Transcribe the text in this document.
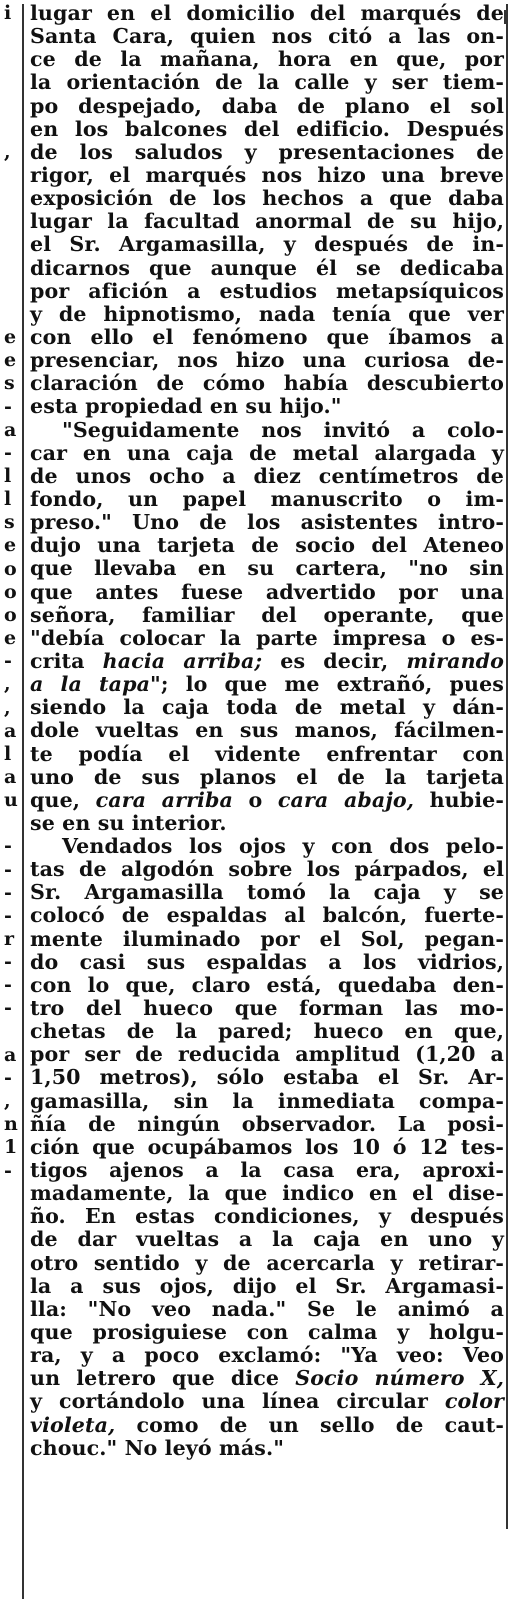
i
,
e
e
s
-
a
-
l
l
s
e
o
o
o
e
-
,
,
a
l
a
u
-
-
-
-
r
-
-
-
a
-
,
n
1
-
lugar en el domicilio del marqués de
Santa Cara, quien nos citó a las on-
ce de la mañana, hora en que, por
la orientación de la calle y ser tiem-
po despejado, daba de plano el sol
en los balcones del edificio. Después
de los saludos y presentaciones de
rigor, el marqués nos hizo una breve
exposición de los hechos a que daba
lugar la facultad anormal de su hijo,
el Sr. Argamasilla, y después de in-
dicarnos que aunque él se dedicaba
por afición a estudios metapsíquicos
y de hipnotismo, nada tenía que ver
con ello el fenómeno que íbamos a
presenciar, nos hizo una curiosa de-
claración de cómo había descubierto
esta propiedad en su hijo."
"Seguidamente nos invitó a colo-
car en una caja de metal alargada y
de unos ocho a diez centímetros de
fondo, un papel manuscrito o im-
preso." Uno de los asistentes intro-
dujo una tarjeta de socio del Ateneo
que llevaba en su cartera, "no sin
que antes fuese advertido por una
señora, familiar del operante, que
"debía colocar la parte impresa o es-
crita hacia arriba; es decir, mirando
a la tapa"; lo que me extrañó, pues
siendo la caja toda de metal y dán-
dole vueltas en sus manos, fácilmen-
te podía el vidente enfrentar con
uno de sus planos el de la tarjeta
que, cara arriba o cara abajo, hubie-
se en su interior.
Vendados los ojos y con dos pelo-
tas de algodón sobre los párpados, el
Sr. Argamasilla tomó la caja y se
colocó de espaldas al balcón, fuerte-
mente iluminado por el Sol, pegan-
do casi sus espaldas a los vidrios,
con lo que, claro está, quedaba den-
tro del hueco que forman las mo-
chetas de la pared; hueco en que,
por ser de reducida amplitud (1,20 a
1,50 metros), sólo estaba el Sr. Ar-
gamasilla, sin la inmediata compa-
ñía de ningún observador. La posi-
ción que ocupábamos los 10 ó 12 tes-
tigos ajenos a la casa era, aproxi-
madamente, la que indico en el dise-
ño. En estas condiciones, y después
de dar vueltas a la caja en uno y
otro sentido y de acercarla y retirar-
la a sus ojos, dijo el Sr. Argamasi-
lla: "No veo nada." Se le animó a
que prosiguiese con calma y holgu-
ra, y a poco exclamó: "Ya veo: Veo
un letrero que dice Socio número X,
y cortándolo una línea circular color
violeta, como de un sello de caut-
chouc." No leyó más."
